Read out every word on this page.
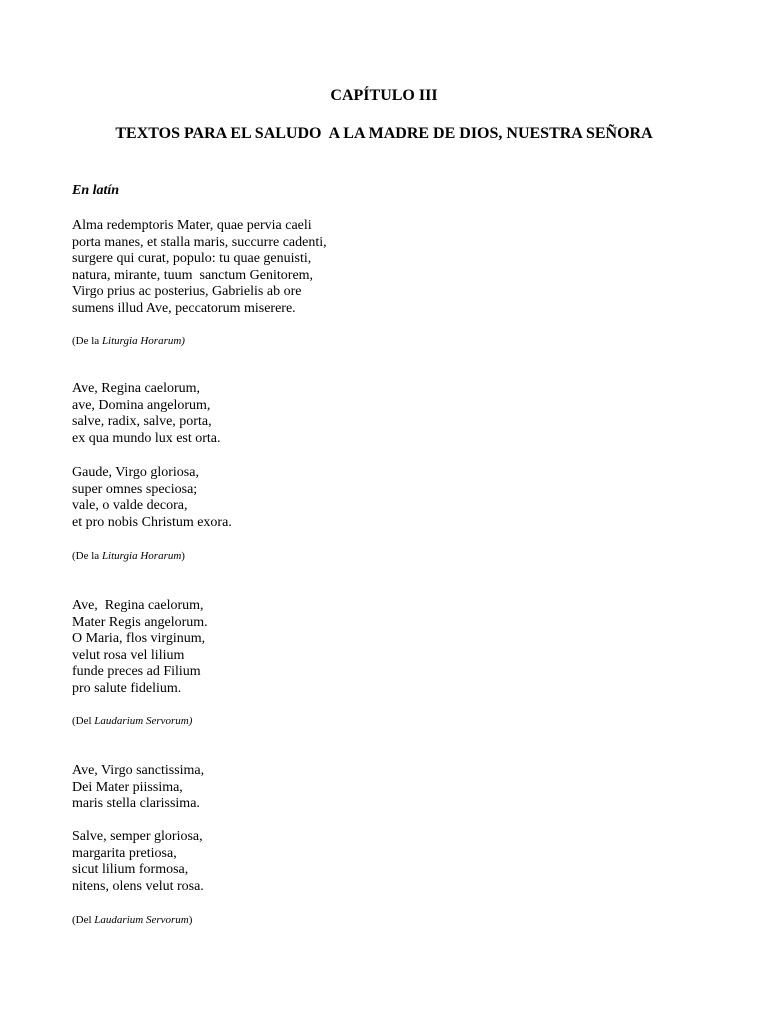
CAPÍTULO III
TEXTOS PARA EL SALUDO  A LA MADRE DE DIOS, NUESTRA SEÑORA
En latín
Alma redemptoris Mater, quae pervia caeli
porta manes, et stalla maris, succurre cadenti,
surgere qui curat, populo: tu quae genuisti,
natura, mirante, tuum  sanctum Genitorem,
Virgo prius ac posterius, Gabrielis ab ore
sumens illud Ave, peccatorum miserere.
(De la Liturgia Horarum)
Ave, Regina caelorum,
ave, Domina angelorum,
salve, radix, salve, porta,
ex qua mundo lux est orta.
Gaude, Virgo gloriosa,
super omnes speciosa;
vale, o valde decora,
et pro nobis Christum exora.
(De la Liturgia Horarum)
Ave,  Regina caelorum,
Mater Regis angelorum.
O Maria, flos virginum,
velut rosa vel lilium
funde preces ad Filium
pro salute fidelium.
(Del Laudarium Servorum)
Ave, Virgo sanctissima,
Dei Mater piissima,
maris stella clarissima.
Salve, semper gloriosa,
margarita pretiosa,
sicut lilium formosa,
nitens, olens velut rosa.
(Del Laudarium Servorum)
